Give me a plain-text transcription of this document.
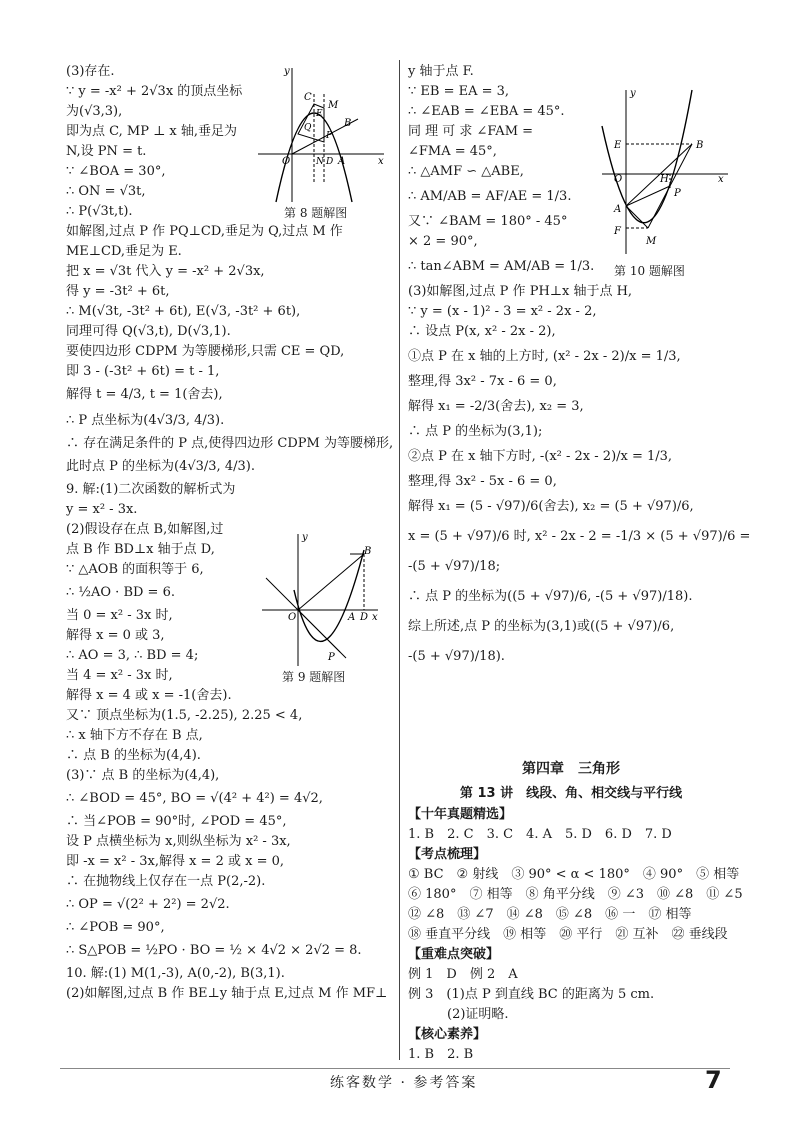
(3)存在.
∵ y = -x² + 2√3x 的顶点坐标
为(√3,3),
即为点 C, MP ⊥ x 轴,垂足为
N,设 PN = t.
∵ ∠BOA = 30°,
∴ ON = √3t,
∴ P(√3t,t).
如解图,过点 P 作 PQ⊥CD,垂足为 Q,过点 M 作
ME⊥CD,垂足为 E.
把 x = √3t 代入 y = -x² + 2√3x,
得 y = -3t² + 6t,
∴ M(√3t, -3t² + 6t), E(√3, -3t² + 6t),
同理可得 Q(√3,t), D(√3,1).
要使四边形 CDPM 为等腰梯形,只需 CE = QD,
即 3 - (-3t² + 6t) = t - 1,
解得 t = 4/3, t = 1(舍去),
∴ P 点坐标为(4√3/3, 4/3).
∴ 存在满足条件的 P 点,使得四边形 CDPM 为等腰梯形,
此时点 P 的坐标为(4√3/3, 4/3).
9. 解:(1)二次函数的解析式为
y = x² - 3x.
(2)假设存在点 B,如解图,过
点 B 作 BD⊥x 轴于点 D,
∵ △AOB 的面积等于 6,
∴ ½AO · BD = 6.
当 0 = x² - 3x 时,
解得 x = 0 或 3,
∴ AO = 3, ∴ BD = 4;
当 4 = x² - 3x 时,
解得 x = 4 或 x = -1(舍去).
又∵ 顶点坐标为(1.5, -2.25), 2.25 < 4,
∴ x 轴下方不存在 B 点,
∴ 点 B 的坐标为(4,4).
(3)∵ 点 B 的坐标为(4,4),
∴ ∠BOD = 45°, BO = √(4² + 4²) = 4√2,
∴ 当∠POB = 90°时, ∠POD = 45°,
设 P 点横坐标为 x,则纵坐标为 x² - 3x,
即 -x = x² - 3x,解得 x = 2 或 x = 0,
∴ 在抛物线上仅存在一点 P(2,-2).
∴ OP = √(2² + 2²) = 2√2.
∴ ∠POB = 90°,
∴ S△POB = ½PO · BO = ½ × 4√2 × 2√2 = 8.
10. 解:(1) M(1,-3), A(0,-2), B(3,1).
(2)如解图,过点 B 作 BE⊥y 轴于点 E,过点 M 作 MF⊥
y 轴于点 F.
∵ EB = EA = 3,
∴ ∠EAB = ∠EBA = 45°.
同 理 可 求 ∠FAM =
∠FMA = 45°,
∴ △AMF ∽ △ABE,
∴ AM/AB = AF/AE = 1/3.
又∵ ∠BAM = 180° - 45°
× 2 = 90°,
∴ tan∠ABM = AM/AB = 1/3.
(3)如解图,过点 P 作 PH⊥x 轴于点 H,
∵ y = (x - 1)² - 3 = x² - 2x - 2,
∴ 设点 P(x, x² - 2x - 2),
①点 P 在 x 轴的上方时, (x² - 2x - 2)/x = 1/3,
整理,得 3x² - 7x - 6 = 0,
解得 x₁ = -2/3(舍去), x₂ = 3,
∴ 点 P 的坐标为(3,1);
②点 P 在 x 轴下方时, -(x² - 2x - 2)/x = 1/3,
整理,得 3x² - 5x - 6 = 0,
解得 x₁ = (5 - √97)/6(舍去), x₂ = (5 + √97)/6,
x = (5 + √97)/6 时, x² - 2x - 2 = -1/3 × (5 + √97)/6 =
-(5 + √97)/18;
∴ 点 P 的坐标为((5 + √97)/6, -(5 + √97)/18).
综上所述,点 P 的坐标为(3,1)或((5 + √97)/6,
-(5 + √97)/18).
y
C
M
E
Q
P
B
O	N D A	x
第 8 题解图
y
B
O	A D x
P
第 9 题解图
y
E	B
O	H
P
x
A
F
M
第 10 题解图
第四章　三角形
第 13 讲　线段、角、相交线与平行线
【十年真题精选】
1. B　2. C　3. C　4. A　5. D　6. D　7. D
【考点梳理】
① BC　② 射线　③ 90° < α < 180°　④ 90°　⑤ 相等
⑥ 180°　⑦ 相等　⑧ 角平分线　⑨ ∠3　⑩ ∠8　⑪ ∠5
⑫ ∠8　⑬ ∠7　⑭ ∠8　⑮ ∠8　⑯ 一　⑰ 相等
⑱ 垂直平分线　⑲ 相等　⑳ 平行　㉑ 互补　㉒ 垂线段
【重难点突破】
例 1　D　例 2　A
例 3　(1)点 P 到直线 BC 的距离为 5 cm.
　　　(2)证明略.
【核心素养】
1. B　2. B
练客数学 · 参考答案	7
